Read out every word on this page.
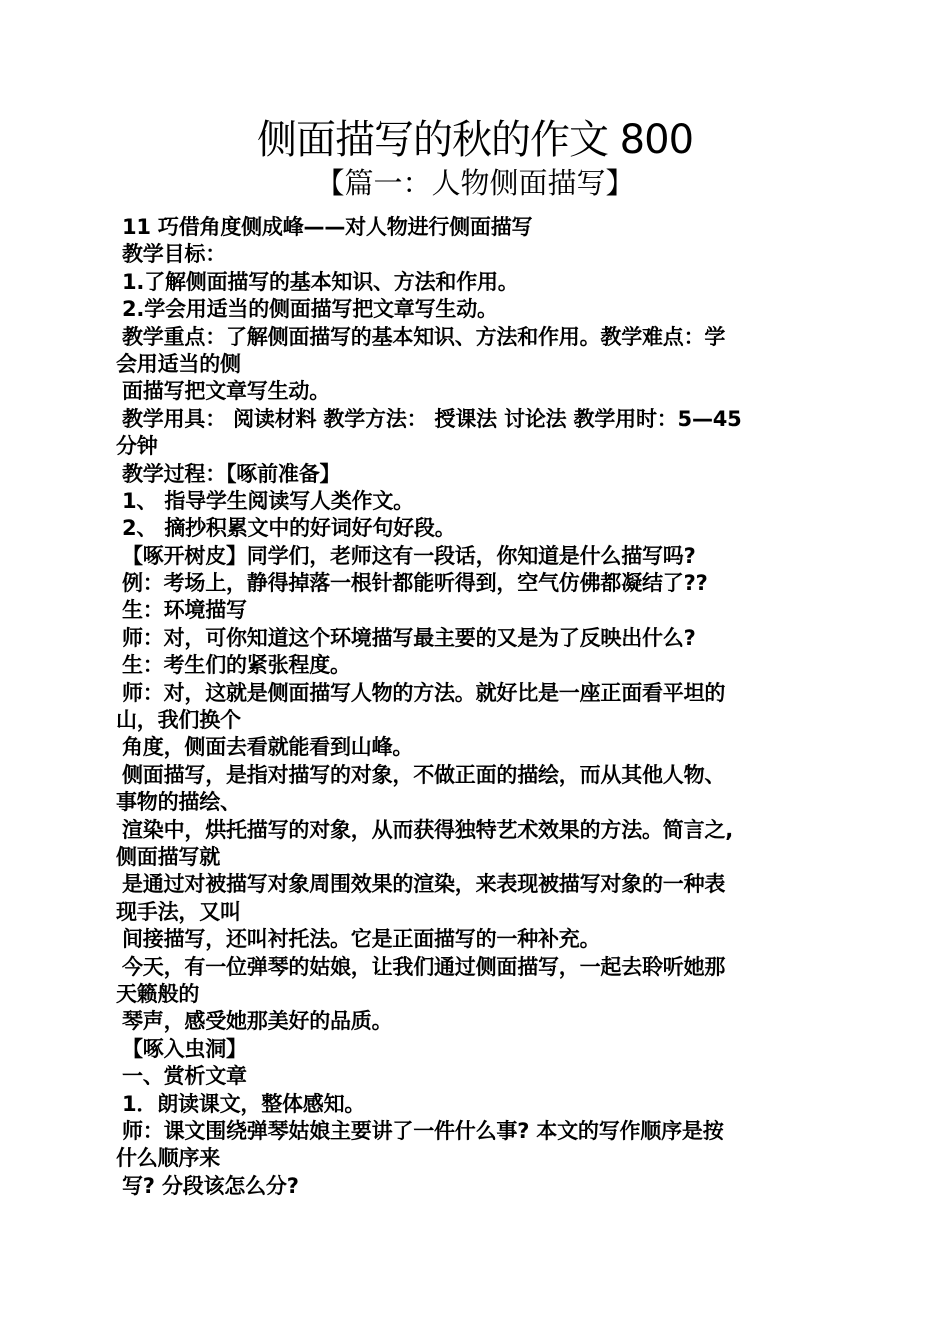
侧面描写的秋的作文 800
【篇一：人物侧面描写】
11 巧借角度侧成峰——对人物进行侧面描写
教学目标：
1.了解侧面描写的基本知识、方法和作用。
2.学会用适当的侧面描写把文章写生动。
教学重点：了解侧面描写的基本知识、方法和作用。教学难点：学
会用适当的侧
面描写把文章写生动。
教学用具： 阅读材料 教学方法： 授课法 讨论法 教学用时：5—45
分钟
教学过程：【啄前准备】
1、 指导学生阅读写人类作文。
2、 摘抄积累文中的好词好句好段。
【啄开树皮】同学们，老师这有一段话，你知道是什么描写吗?
例：考场上，静得掉落一根针都能听得到，空气仿佛都凝结了??
生：环境描写
师：对，可你知道这个环境描写最主要的又是为了反映出什么?
生：考生们的紧张程度。
师：对，这就是侧面描写人物的方法。就好比是一座正面看平坦的
山，我们换个
角度，侧面去看就能看到山峰。
侧面描写，是指对描写的对象，不做正面的描绘，而从其他人物、
事物的描绘、
渲染中，烘托描写的对象，从而获得独特艺术效果的方法。简言之,
侧面描写就
是通过对被描写对象周围效果的渲染，来表现被描写对象的一种表
现手法，又叫
间接描写，还叫衬托法。它是正面描写的一种补充。
今天，有一位弹琴的姑娘，让我们通过侧面描写，一起去聆听她那
天籁般的
琴声，感受她那美好的品质。
【啄入虫洞】
一、赏析文章
1．朗读课文，整体感知。
师：课文围绕弹琴姑娘主要讲了一件什么事? 本文的写作顺序是按
什么顺序来
写? 分段该怎么分?
